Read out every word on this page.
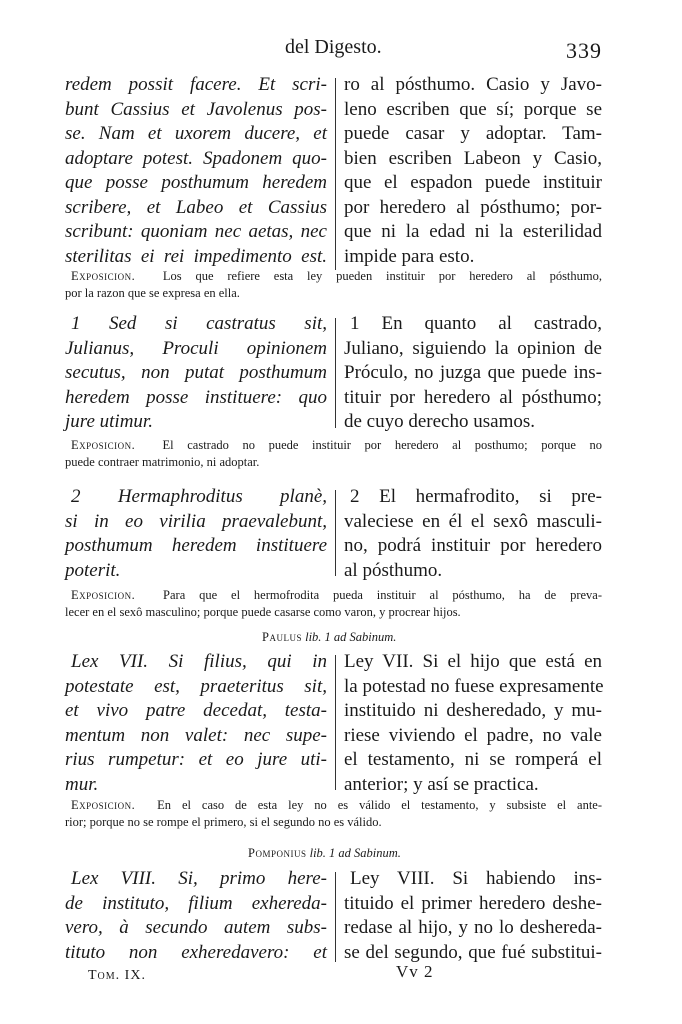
del Digesto.	339
redem possit facere. Et scri-
bunt Cassius et Javolenus pos-
se. Nam et uxorem ducere, et
adoptare potest. Spadonem quo-
que posse posthumum heredem
scribere, et Labeo et Cassius
scribunt: quoniam nec aetas, nec
sterilitas ei rei impedimento est.
ro al pósthumo. Casio y Javo-
leno escriben que sí; porque se
puede casar y adoptar. Tam-
bien escriben Labeon y Casio,
que el espadon puede instituir
por heredero al pósthumo; por-
que ni la edad ni la esterilidad
impide para esto.
Exposicion. Los que refiere esta ley pueden instituir por heredero al pósthumo,
por la razon que se expresa en ella.
1 Sed si castratus sit,
Julianus, Proculi opinionem
secutus, non putat posthumum
heredem posse instituere: quo
jure utimur.
1 En quanto al castrado,
Juliano, siguiendo la opinion de
Próculo, no juzga que puede ins-
tituir por heredero al pósthumo;
de cuyo derecho usamos.
Exposicion. El castrado no puede instituir por heredero al posthumo; porque no
puede contraer matrimonio, ni adoptar.
2 Hermaphroditus planè,
si in eo virilia praevalebunt,
posthumum heredem instituere
poterit.
2 El hermafrodito, si pre-
valeciese en él el sexô masculi-
no, podrá instituir por heredero
al pósthumo.
Exposicion. Para que el hermofrodita pueda instituir al pósthumo, ha de preva-
lecer en el sexô masculino; porque puede casarse como varon, y procrear hijos.
Paulus lib. 1 ad Sabinum.
Lex VII. Si filius, qui in
potestate est, praeteritus sit,
et vivo patre decedat, testa-
mentum non valet: nec supe-
rius rumpetur: et eo jure uti-
mur.
Ley VII. Si el hijo que está en
la potestad no fuese expresamente
instituido ni desheredado, y mu-
riese viviendo el padre, no vale
el testamento, ni se romperá el
anterior; y así se practica.
Exposicion. En el caso de esta ley no es válido el testamento, y subsiste el ante-
rior; porque no se rompe el primero, si el segundo no es válido.
Pomponius lib. 1 ad Sabinum.
Lex VIII. Si, primo here-
de instituto, filium exhereda-
vero, à secundo autem subs-
tituto non exheredavero: et
Ley VIII. Si habiendo ins-
tituido el primer heredero deshe-
redase al hijo, y no lo deshereda-
se del segundo, que fué substitui-
Tom. IX.	Vv 2
